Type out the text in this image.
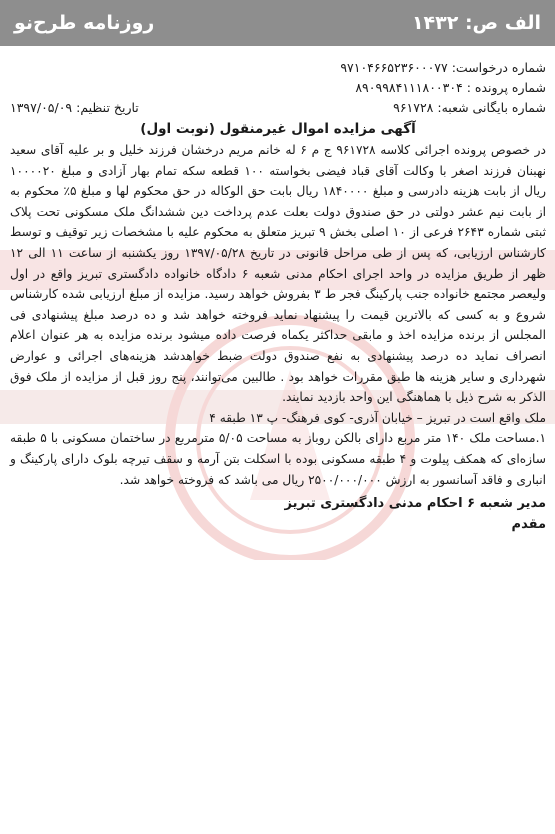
الف ص: ۱۴۳۲
روزنامه طرح‌نو
شماره درخواست: ۹۷۱۰۴۶۶۵۲۳۶۰۰۰۷۷
شماره پرونده : ۸۹۰۹۹۸۴۱۱۱۸۰۰۳۰۴
شماره بایگانی شعبه: ۹۶۱۷۲۸
تاریخ تنظیم: ۱۳۹۷/۰۵/۰۹
آگهی مزایده اموال غیرمنقول (نوبت اول)

در خصوص پرونده اجرائی کلاسه ۹۶۱۷۲۸ ج م ۶ له خانم مریم درخشان فرزند خلیل و بر علیه آقای سعید نهبنان فرزند اصغر با وکالت آقای قباد فیضی بخواسته ۱۰۰ قطعه سکه تمام بهار آزادی و مبلغ ۱۰۰۰۰۲۰ ریال از بابت هزینه دادرسی و مبلغ ۱۸۴۰۰۰۰ ریال بابت حق الوکاله در حق محکوم لها و مبلغ ۵٪ محکوم به از بابت نیم عشر دولتی در حق صندوق دولت بعلت عدم پرداخت دین ششدانگ ملک مسکونی تحت پلاک ثبتی شماره ۲۶۴۳ فرعی از ۱۰ اصلی بخش ۹ تبریز متعلق به محکوم علیه با مشخصات زیر توقیف و توسط کارشناس ارزیابی، که پس از طی مراحل قانونی در تاریخ ۱۳۹۷/۰۵/۲۸ روز یکشنبه از ساعت ۱۱ الی ۱۲ ظهر از طریق مزایده در واحد اجرای احکام مدنی شعبه ۶ دادگاه خانواده دادگستری تبریز واقع در اول ولیعصر مجتمع خانواده جنب پارکینگ فجر ط ۳ بفروش خواهد رسید. مزایده از مبلغ ارزیابی شده کارشناس شروع و به کسی که بالاترین قیمت را پیشنهاد نماید فروخته خواهد شد و ده درصد مبلغ پیشنهادی فی المجلس از برنده مزایده اخذ و مابقی حداکثر یکماه فرصت داده میشود برنده مزایده به هر عنوان اعلام انصراف نماید ده درصد پیشنهادی به نفع صندوق دولت ضبط خواهدشد هزینه‌های اجرائی و عوارض شهرداری و سایر هزینه ها طبق مقررات خواهد بود . طالبین می‌توانند، پنج روز قبل از مزایده از ملک فوق الذکر به شرح ذیل با هماهنگی این واحد بازدید نمایند.

ملک واقع است در تبریز – خیابان آذری- کوی فرهنگ- پ ۱۳ طبقه ۴

۱.مساحت ملک ۱۴۰ متر مربع دارای بالکن روباز به مساحت ۵/۰۵ مترمربع در ساختمان مسکونی با ۵ طبقه سازه‌ای که همکف پیلوت و ۴ طبقه مسکونی بوده با اسکلت بتن آرمه و سقف تیرچه بلوک دارای پارکینگ و انباری و فاقد آسانسور به ارزش ۲۵۰۰/۰۰۰/۰۰۰ ریال می باشد که فروخته خواهد شد.

مدیر شعبه ۶ احکام مدنی دادگستری تبریز
مقدم
